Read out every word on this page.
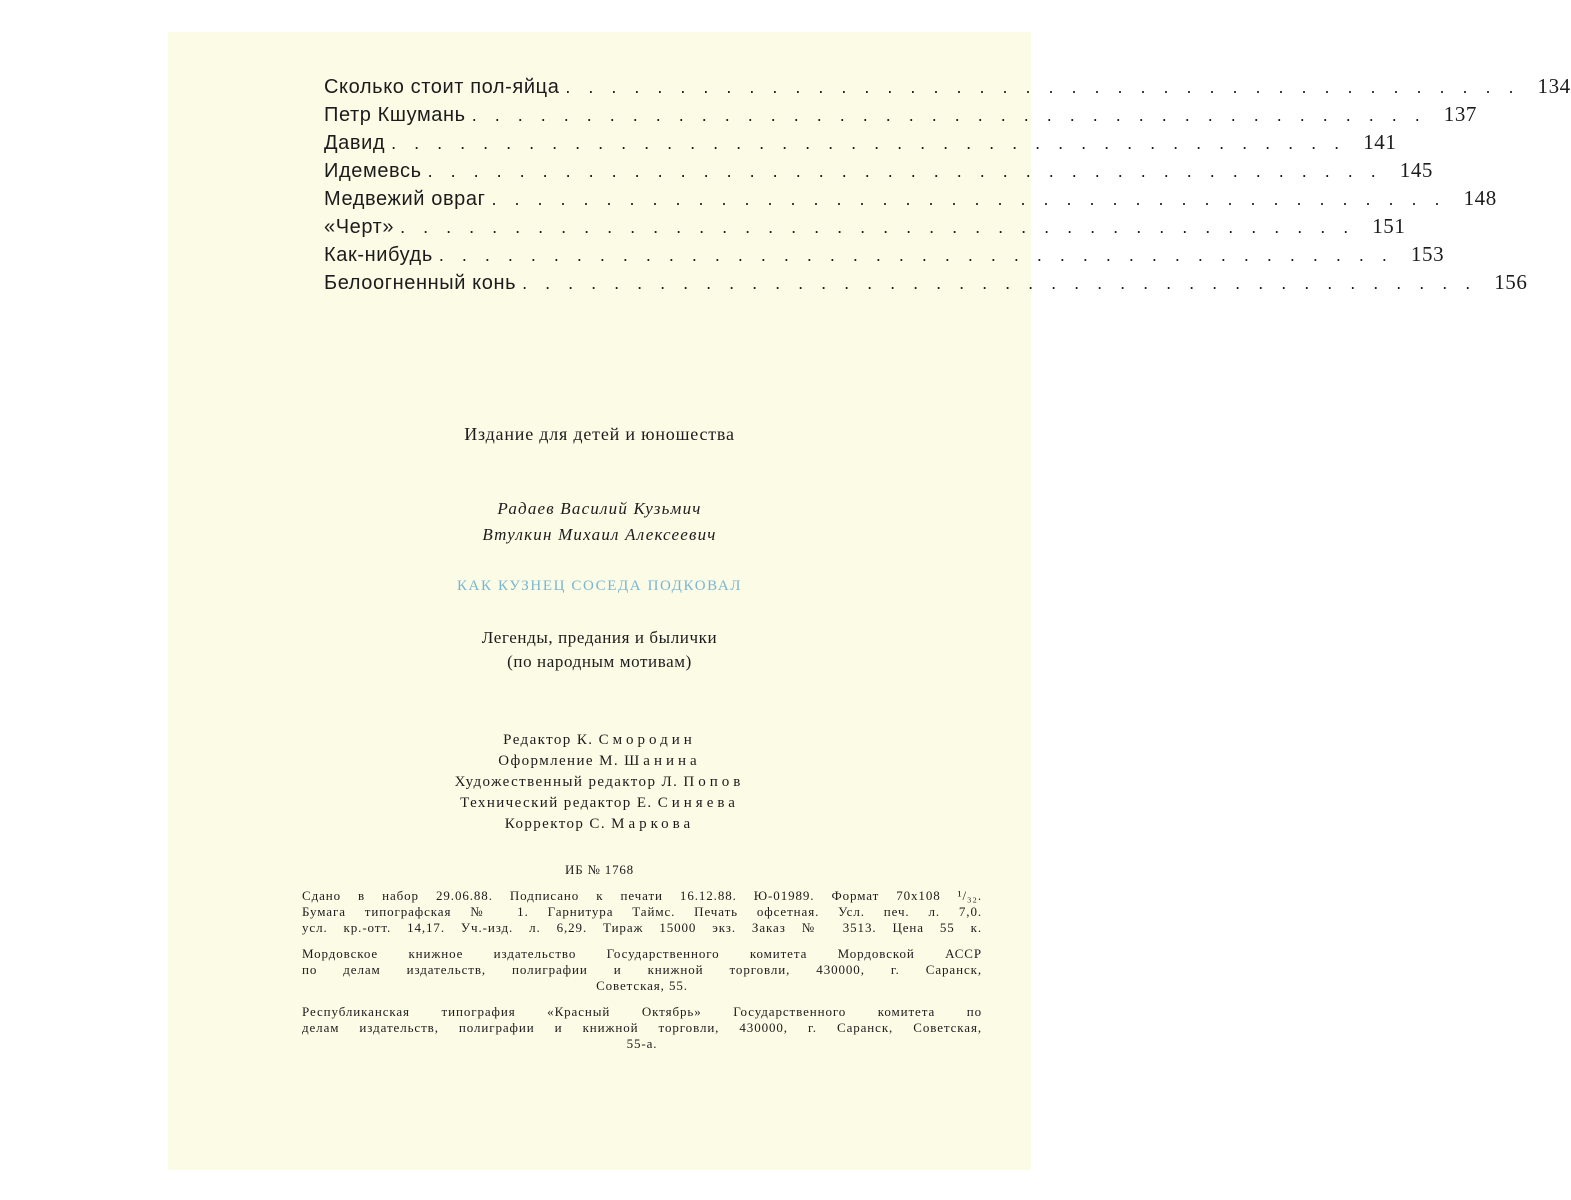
Сколько стоит пол-яйца .......................................... 134
Петр Кшумань .......................................... 137
Давид .......................................... 141
Идемевсь .......................................... 145
Медвежий овраг .......................................... 148
«Черт» .......................................... 151
Как-нибудь .......................................... 153
Белоогненный конь .......................................... 156
Издание для детей и юношества
Радаев Василий Кузьмич
Втулкин Михаил Алексеевич
КАК КУЗНЕЦ СОСЕДА ПОДКОВАЛ
Легенды, предания и былички
(по народным мотивам)
Редактор К. Смородин
Оформление М. Шанина
Художественный редактор Л. Попов
Технический редактор Е. Синяева
Корректор С. Маркова
ИБ № 1768
Сдано в набор 29.06.88. Подписано к печати 16.12.88. Ю-01989. Формат 70x108 ¹/₃₂.
Бумага типографская № 1. Гарнитура Таймс. Печать офсетная. Усл. печ. л. 7,0.
усл. кр.-отт. 14,17. Уч.-изд. л. 6,29. Тираж 15000 экз. Заказ № 3513. Цена 55 к.
Мордовское книжное издательство Государственного комитета Мордовской АССР
по делам издательств, полиграфии и книжной торговли, 430000, г. Саранск,
Советская, 55.
Республиканская типография «Красный Октябрь» Государственного комитета по
делам издательств, полиграфии и книжной торговли, 430000, г. Саранск, Советская,
55-а.
